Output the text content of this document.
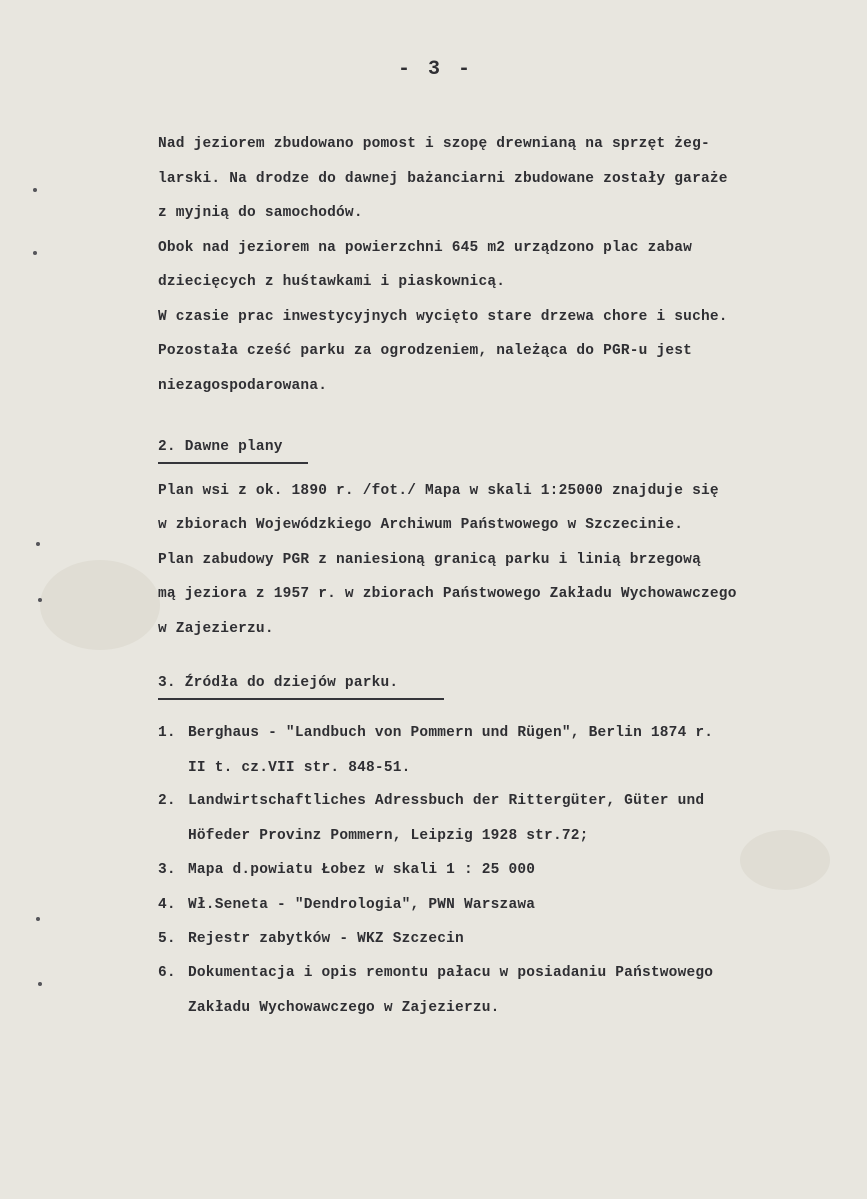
- 3 -
Nad jeziorem zbudowano pomost i szopę drewnianą na sprzęt żeg-
larski. Na drodze do dawnej bażanciarni zbudowane zostały garaże
z myjnią do samochodów.
Obok nad jeziorem na powierzchni 645 m2 urządzono plac zabaw
dziecięcych z huśtawkami i piaskownicą.
W czasie prac inwestycyjnych wycięto stare drzewa chore i suche.
Pozostała cześć parku za ogrodzeniem, należąca do PGR-u jest
niezagospodarowana.
2. Dawne plany
Plan wsi z ok. 1890 r. /fot./ Mapa w skali 1:25000 znajduje się
w zbiorach Wojewódzkiego Archiwum Państwowego w Szczecinie.
Plan zabudowy PGR z naniesioną granicą parku i linią brzegową
mą jeziora z 1957 r. w zbiorach Państwowego Zakładu Wychowawczego
w Zajezierzu.
3. Źródła do dziejów parku.
1. Berghaus - "Landbuch von Pommern und Rügen", Berlin 1874 r.
II t. cz.VII str. 848-51.
2. Landwirtschaftliches Adressbuch der Rittergüter, Güter und
Höfeder Provinz Pommern, Leipzig 1928 str.72;
3. Mapa d.powiatu Łobez w skali 1 : 25 000
4. Wł.Seneta - "Dendrologia", PWN Warszawa
5. Rejestr zabytków - WKZ Szczecin
6. Dokumentacja i opis remontu pałacu w posiadaniu Państwowego
Zakładu Wychowawczego w Zajezierzu.
